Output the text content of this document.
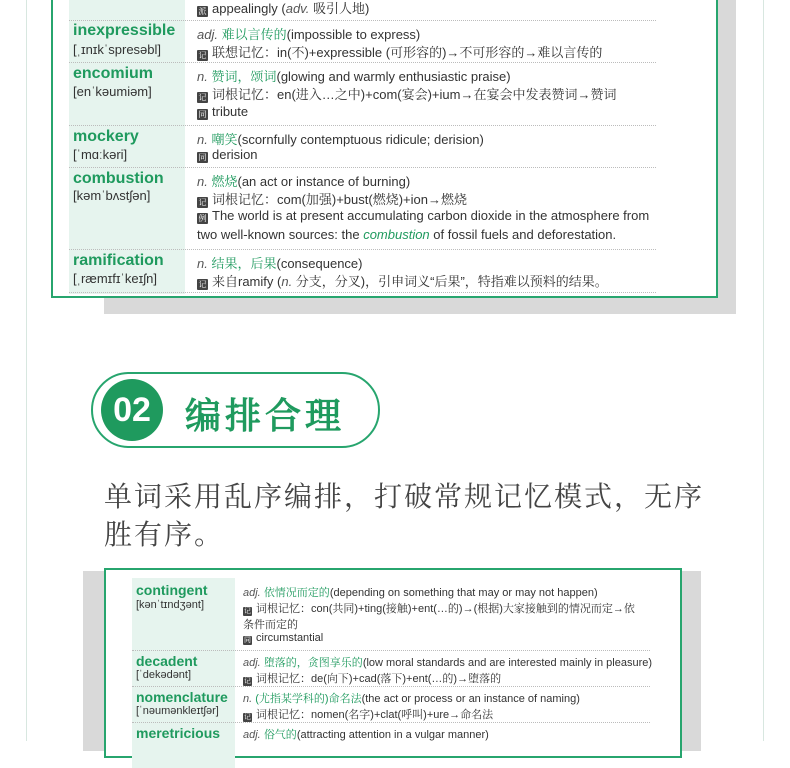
派 appealingly (adv. 吸引人地)
inexpressible
[ˌɪnɪkˈspresəbl]
adj. 难以言传的(impossible to express)
记 联想记忆：in(不)+expressible (可形容的)→不可形容的→难以言传的
encomium
[enˈkəumiəm]
n. 赞词，颂词(glowing and warmly enthusiastic praise)
记 词根记忆：en(进入…之中)+com(宴会)+ium→在宴会中发表赞词→赞词
同 tribute
mockery
[ˈmɑːkəri]
n. 嘲笑(scornfully contemptuous ridicule; derision)
同 derision
combustion
[kəmˈbʌstʃən]
n. 燃烧(an act or instance of burning)
记 词根记忆：com(加强)+bust(燃烧)+ion→燃烧
例 The world is at present accumulating carbon dioxide in the atmosphere from
two well-known sources: the combustion of fossil fuels and deforestation.
ramification
[ˌræmɪfɪˈkeɪʃn]
n. 结果，后果(consequence)
记 来自ramify (n. 分支，分叉)，引申词义“后果”，特指难以预料的结果。
02 编排合理
单词采用乱序编排，打破常规记忆模式，无序
胜有序。
contingent
[kənˈtɪndʒənt]
adj. 依情况而定的(depending on something that may or may not happen)
记 词根记忆：con(共同)+ting(接触)+ent(…的)→(根据)大家接触到的情况而定→依
条件而定的
同 circumstantial
decadent
[ˈdekədənt]
adj. 堕落的，贪图享乐的(low moral standards and are interested mainly in pleasure)
记 词根记忆：de(向下)+cad(落下)+ent(…的)→堕落的
nomenclature
[ˈnəumənkleɪtʃər]
n. (尤指某学科的)命名法(the act or process or an instance of naming)
记 词根记忆：nomen(名字)+clat(呼叫)+ure→命名法
meretricious adj. 俗气的(attracting attention in a vulgar manner)
